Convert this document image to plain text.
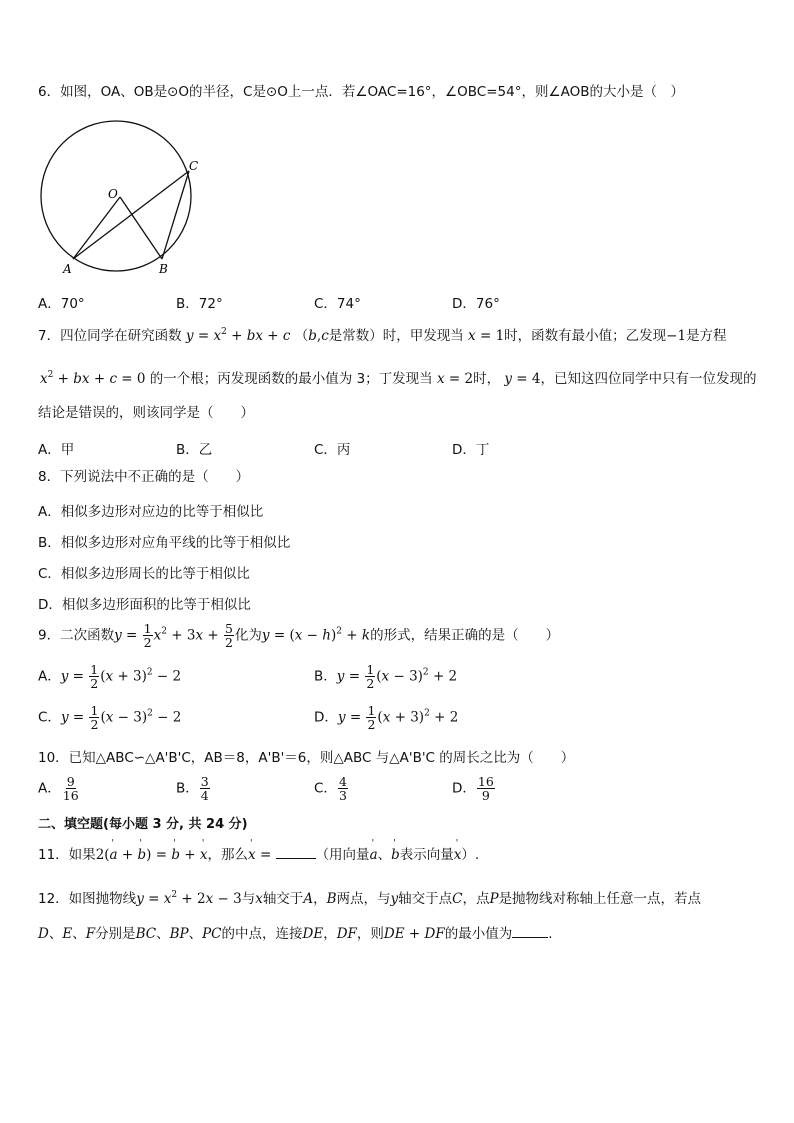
6．如图，OA、OB是⊙O的半径，C是⊙O上一点．若∠OAC=16°，∠OBC=54°，则∠AOB的大小是（　）
O
A	B
C
A．70°	B．72°	C．74°	D．76°
7．四位同学在研究函数 $y = x^2$ + bx + c （b,c是常数）时，甲发现当 x = 1时，函数有最小值；乙发现−1是方程
$x^2$ + bx + c = 0 的一个根；丙发现函数的最小值为 3；丁发现当 x = 2时， y = 4，已知这四位同学中只有一位发现的
结论是错误的，则该同学是（　　）
A．甲	B．乙	C．丙	D．丁
8．下列说法中不正确的是（　　）
A．相似多边形对应边的比等于相似比
B．相似多边形对应角平线的比等于相似比
C．相似多边形周长的比等于相似比
D．相似多边形面积的比等于相似比
9．二次函数$y = \frac{1}{2} x^2 + 3x + \frac{5}{2}$ 化为$y = (x - h)^2 + k$的形式，结果正确的是（　　）
A．$y = \frac{1}{2} (x + 3)^2 - 2$	B．$y = \frac{1}{2} (x - 3)^2 + 2$
C．$y = \frac{1}{2} (x - 3)^2 - 2$	D．$y = \frac{1}{2} (x + 3)^2 + 2$
10．已知△ABC∽△A'B'C，AB＝8，A'B'＝6，则△ABC 与△A'B'C 的周长之比为（　　）
A． $\frac{9}{16}$	B． $\frac{3}{4}$	C． $\frac{4}{3}$	D． $\frac{16}{9}$
二、填空题(每小题 3 分, 共 24 分)
11．如果2(' a + ' b) = ' b + ' x，那么' x =	（用向量' a、' b表示向量' x）.
12．如图抛物线$y = x^2 + 2x - 3$与x轴交于A，B两点，与y轴交于点C，点P是抛物线对称轴上任意一点，若点
D、E、F分别是BC、BP、PC的中点，连接DE，DF，则DE + DF的最小值为	.
